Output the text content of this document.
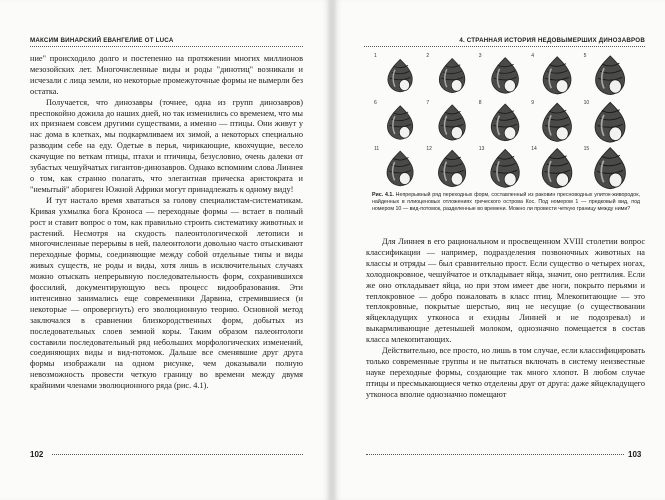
МАКСИМ ВИНАРСКИЙ ЕВАНГЕЛИЕ ОТ LUCA

ние" происходило долго и постепенно на протяжении многих миллионов мезозойских лет. Многочисленные виды и роды "динотиц" возникали и исчезали с лица земли, но некоторые промежуточные формы не вымерли без остатка.

Получается, что динозавры (точнее, одна из групп динозавров) преспокойно дожила до наших дней, но так изменились со временем, что мы их признаем совсем другими существами, а именно — птицы. Они живут у нас дома в клетках, мы подкармливаем их зимой, а некоторых специально разводим себе на еду. Одетые в перья, чирикающие, квохчущие, весело скачущие по веткам птицы, птахи и птичицы, безусловно, очень далеки от зубастых чешуйчатых гигантов-динозавров. Однако вспомним слова Линнея о том, как странно полагать, что элегантная прическа аристократа и "немытый" абориген Южной Африки могут принадлежать к одному виду!

И тут настало время хвататься за голову специалистам-систематикам. Кривая ухмылка бога Кроноса — переходные формы — встает в полный рост и ставит вопрос о том, как правильно строить систематику животных и растений. Несмотря на скудость палеонтологической летописи и многочисленные перерывы в ней, палеонтологи довольно часто отыскивают переходные формы, соединяющие между собой отдельные типы и виды живых существ, не роды и виды, хотя лишь в исключительных случаях можно отыскать непрерывную последовательность форм, сохранившихся фоссилий, документирующую весь процесс видообразования. Эти интенсивно занимались еще современники Дарвина, стремившиеся (и некоторые — опровергнуть) его эволюционную теорию. Основной метод заключался в сравнении близкородственных форм, добытых из последовательных слоев земной коры. Таким образом палеонтологи составили последовательный ряд небольших морфологических изменений, соединяющих виды и вид-потомок. Дальше все сменявшие друг друга формы изображали на одном рисунке, чем доказывали полную невозможность провести четкую границу во времени между двумя крайними членами эволюционного ряда (рис. 4.1).

102
4. СТРАННАЯ ИСТОРИЯ НЕДОВЫМЕРШИХ ДИНОЗАВРОВ
1	2	3	4	5
6	7	8	9	10
11	12	13	14	15
Рис. 4.1. Непрерывный ряд переходных форм, составленный из раковин пресноводных улиток-живородок, найденных в плиоценовых отложениях греческого острова Кос. Под номером 1 — предковый вид, под номером 10 — вид-потомок, разделенные во времени. Можно ли провести четкую границу между ними?

Для Линнея в его рациональном и просвещенном XVIII столетии вопрос классификации — например, подразделения позвоночных животных на классы и отряды — был сравнительно прост. Если существо о четырех ногах, холоднокровное, чешуйчатое и откладывает яйца, значит, оно рептилия. Если же оно откладывает яйца, но при этом имеет две ноги, покрыто перьями и теплокровное — добро пожаловать в класс птиц. Млекопитающие — это теплокровные, покрытые шерстью, яиц не несущие (о существовании яйцекладущих утконоса и ехидны Линней и не подозревал) и выкармливающие детенышей молоком, однозначно помещается в состав класса млекопитающих.

Действительно, все просто, но лишь в том случае, если классифицировать только современные группы и не пытаться включать в систему неизвестные науке переходные формы, создающие так много хлопот. В любом случае птицы и пресмыкающиеся четко отделены друг от друга: даже яйцекладущего утконоса вполне однозначно помещают

103
